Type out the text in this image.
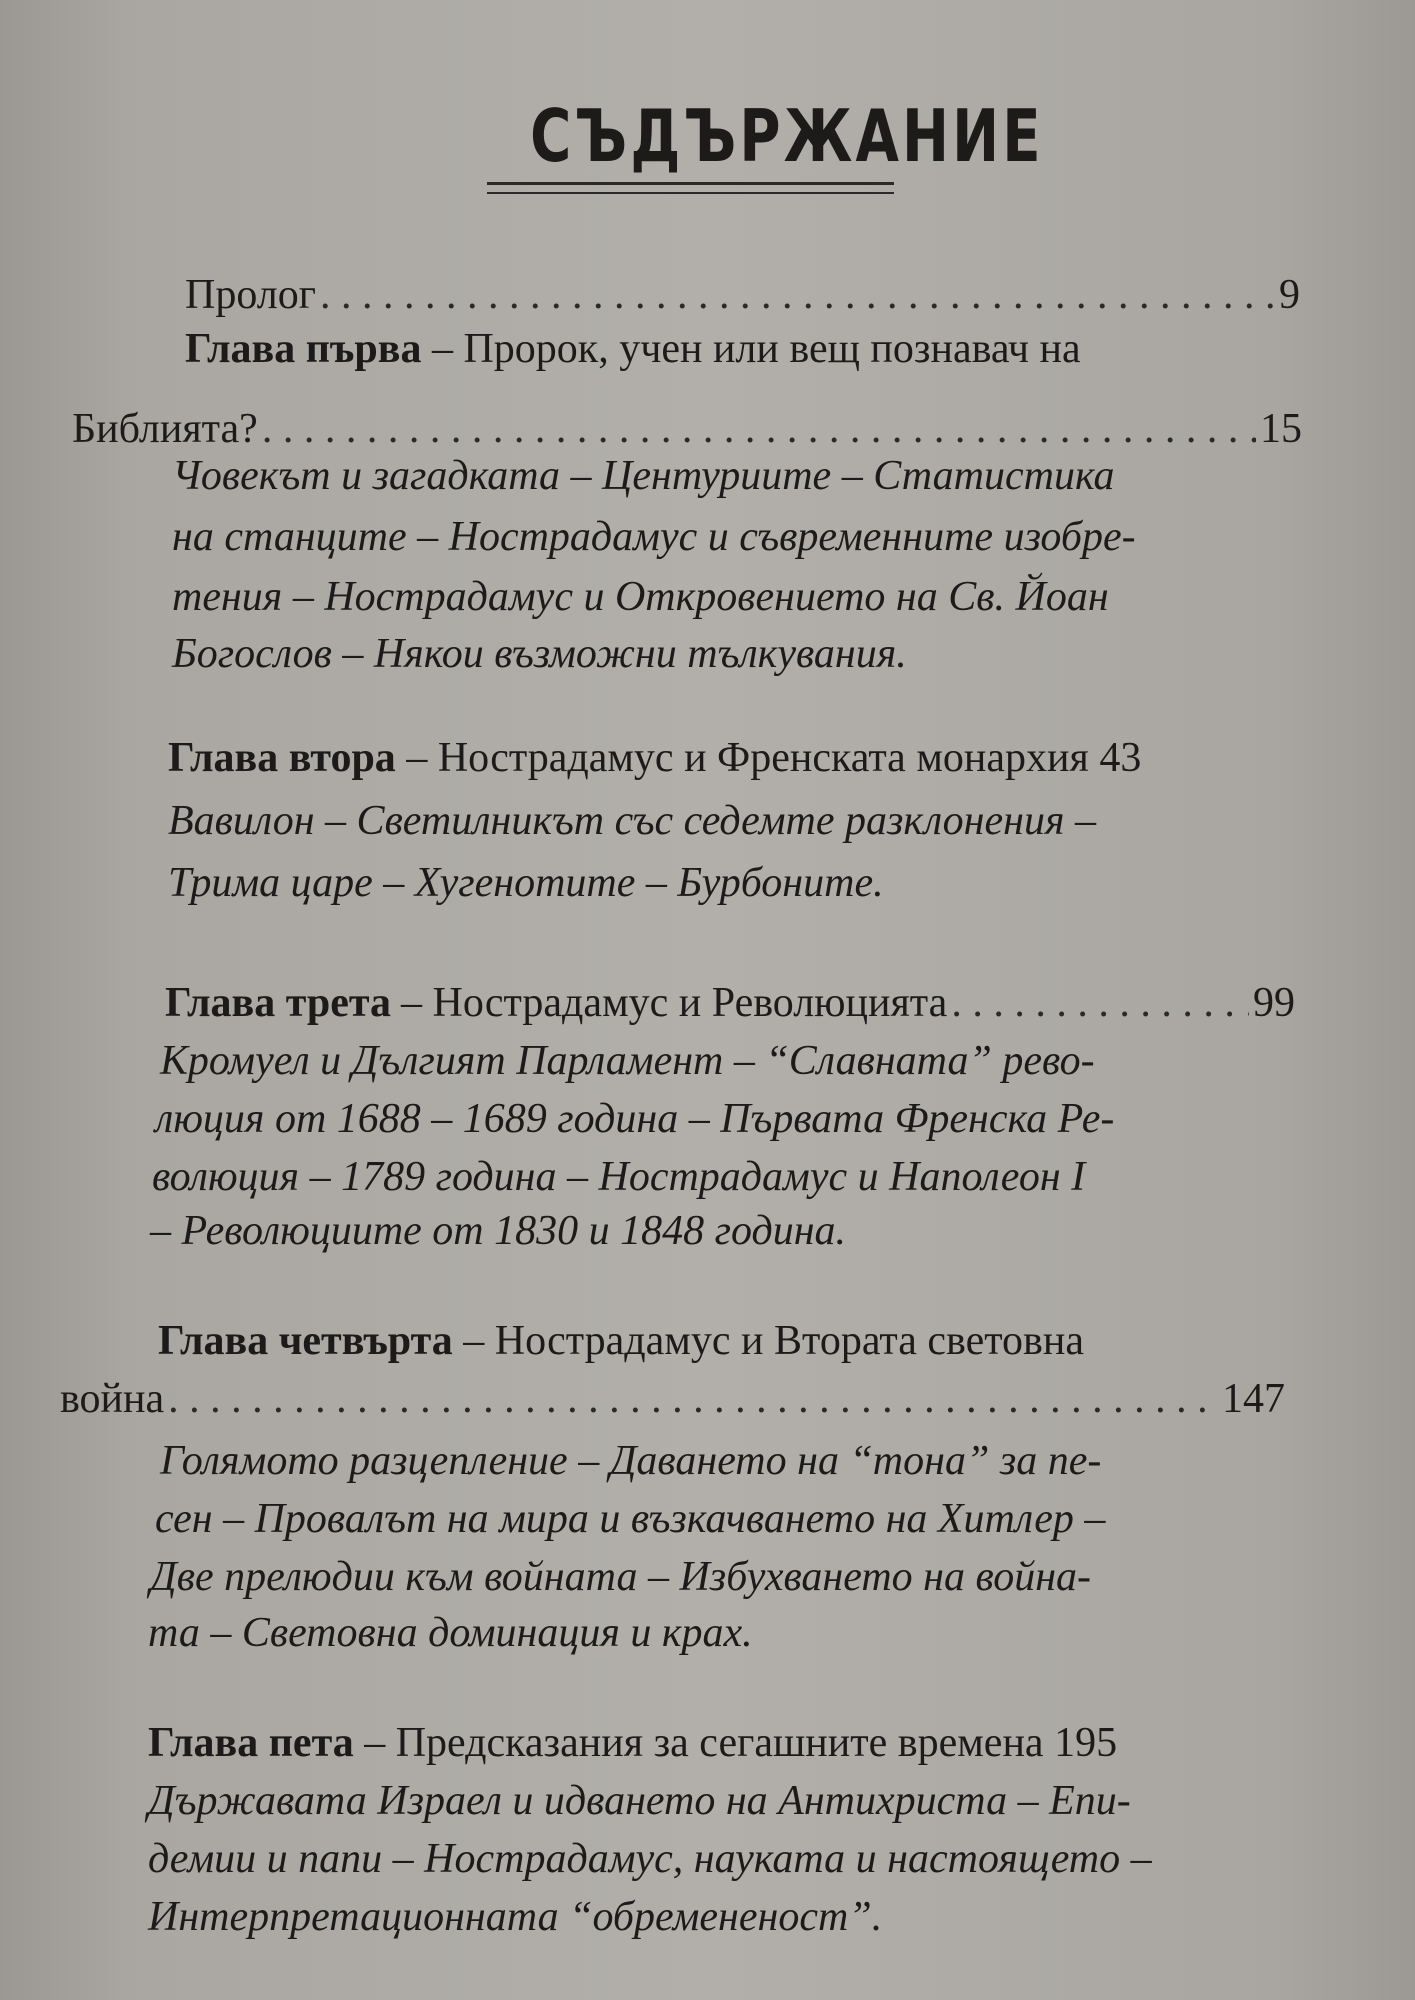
СЪДЪРЖАНИЕ
Пролог . . .	9
Глава първа – Пророк, учен или вещ познавач на
Библията? . . .	15
Човекът и загадката – Центуриите – Статистика
на станците – Нострадамус и съвременните изобре-
тения – Нострадамус и Откровението на Св. Йоан
Богослов – Някои възможни тълкувания.
Глава втора – Нострадамус и Френската монархия 43
Вавилон – Светилникът със седемте разклонения –
Трима царе – Хугенотите – Бурбоните.
Глава трета – Нострадамус и Революцията . . .	99
Кромуел и Дългият Парламент – “Славната” рево-
люция от 1688 – 1689 година – Първата Френска Ре-
волюция – 1789 година – Нострадамус и Наполеон I
– Революциите от 1830 и 1848 година.
Глава четвърта – Нострадамус и Втората световна
война . . .	147
Голямото разцепление – Даването на “тона” за пе-
сен – Провалът на мира и възкачването на Хитлер –
Две прелюдии към войната – Избухването на война-
та – Световна доминация и крах.
Глава пета – Предсказания за сегашните времена 195
Държавата Израел и идването на Антихриста – Епи-
демии и папи – Нострадамус, науката и настоящето –
Интерпретационната “обремененост”.
